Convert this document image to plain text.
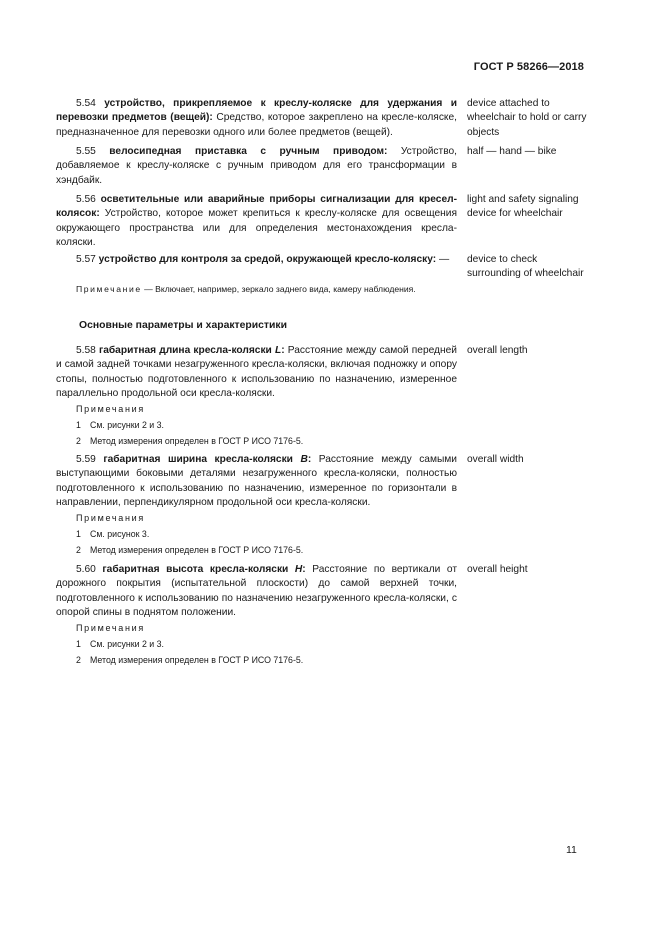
ГОСТ Р 58266—2018
5.54 устройство, прикрепляемое к креслу-коляске для удержания и перевозки предметов (вещей): Средство, которое закреплено на кресле-коляске, предназначенное для перевозки одного или более предметов (вещей).
device attached to wheelchair to hold or carry objects
5.55 велосипедная приставка с ручным приводом: Устройство, добавляемое к креслу-коляске с ручным приводом для его трансформации в хэндбайк.
half — hand — bike
5.56 осветительные или аварийные приборы сигнализации для кресел-колясок: Устройство, которое может крепиться к креслу-коляске для освещения окружающего пространства или для определения местонахождения кресла-коляски.
light and safety signaling device for wheelchair
5.57 устройство для контроля за средой, окружающей кресло-коляску: —	device to check surrounding of wheelchair
Примечание — Включает, например, зеркало заднего вида, камеру наблюдения.
Основные параметры и характеристики
5.58 габаритная длина кресла-коляски L: Расстояние между самой передней и самой задней точками незагруженного кресла-коляски, включая подножку и опору стопы, полностью подготовленного к использованию по назначению, измеренное параллельно продольной оси кресла-коляски.
overall length
Примечания
1 См. рисунки 2 и 3.
2 Метод измерения определен в ГОСТ Р ИСО 7176-5.
5.59 габаритная ширина кресла-коляски B: Расстояние между самыми выступающими боковыми деталями незагруженного кресла-коляски, полностью подготовленного к использованию по назначению, измеренное по горизонтали в направлении, перпендикулярном продольной оси кресла-коляски.
overall width
Примечания
1 См. рисунок 3.
2 Метод измерения определен в ГОСТ Р ИСО 7176-5.
5.60 габаритная высота кресла-коляски H: Расстояние по вертикали от дорожного покрытия (испытательной плоскости) до самой верхней точки, подготовленного к использованию по назначению незагруженного кресла-коляски, с опорой спины в поднятом положении.
overall height
Примечания
1 См. рисунки 2 и 3.
2 Метод измерения определен в ГОСТ Р ИСО 7176-5.
11
